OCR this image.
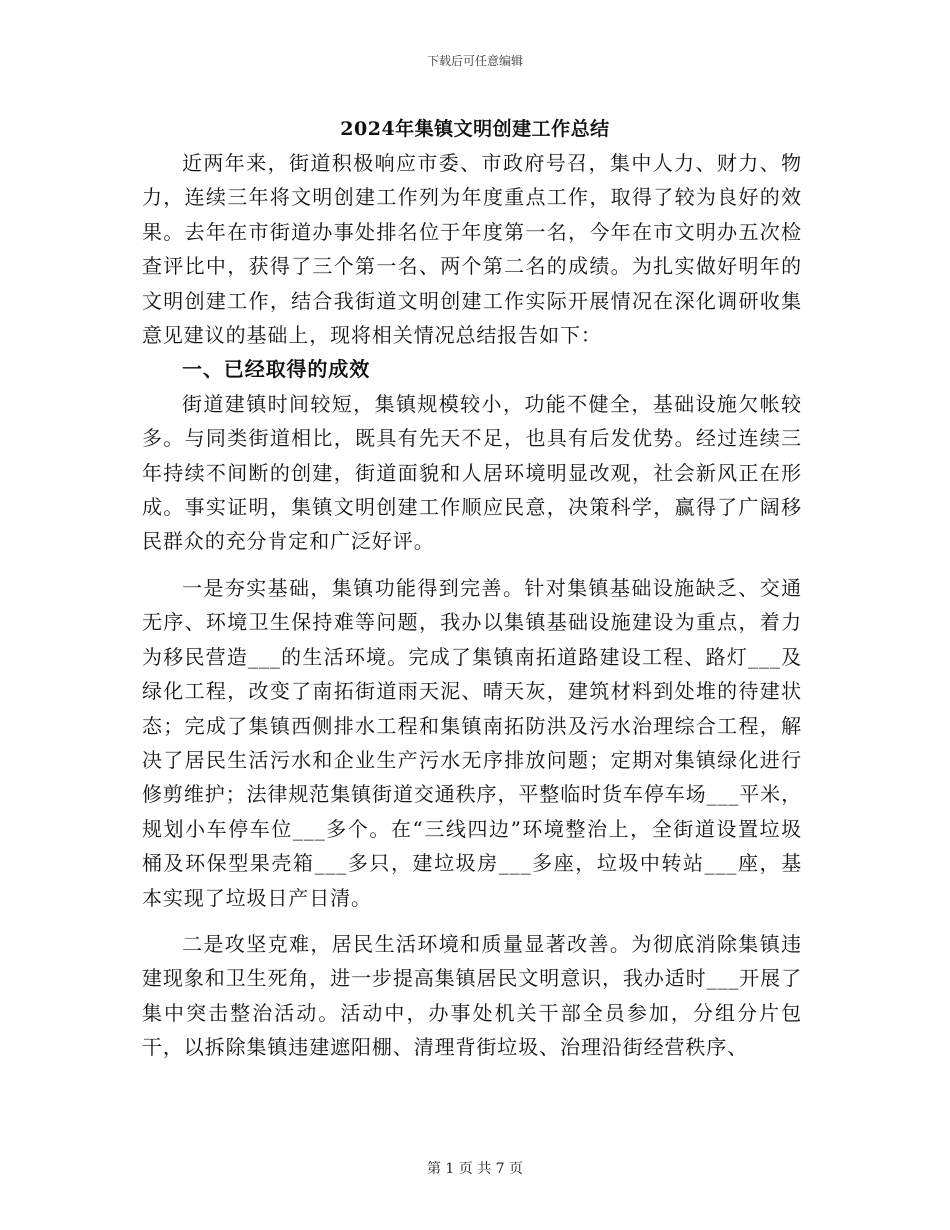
下载后可任意编辑
2024年集镇文明创建工作总结

近两年来，街道积极响应市委、市政府号召，集中人力、财力、物力，连续三年将文明创建工作列为年度重点工作，取得了较为良好的效果。去年在市街道办事处排名位于年度第一名，今年在市文明办五次检查评比中，获得了三个第一名、两个第二名的成绩。为扎实做好明年的文明创建工作，结合我街道文明创建工作实际开展情况在深化调研收集意见建议的基础上，现将相关情况总结报告如下：

一、已经取得的成效

街道建镇时间较短，集镇规模较小，功能不健全，基础设施欠帐较多。与同类街道相比，既具有先天不足，也具有后发优势。经过连续三年持续不间断的创建，街道面貌和人居环境明显改观，社会新风正在形成。事实证明，集镇文明创建工作顺应民意，决策科学，赢得了广阔移民群众的充分肯定和广泛好评。

一是夯实基础，集镇功能得到完善。针对集镇基础设施缺乏、交通无序、环境卫生保持难等问题，我办以集镇基础设施建设为重点，着力为移民营造___的生活环境。完成了集镇南拓道路建设工程、路灯___及绿化工程，改变了南拓街道雨天泥、晴天灰，建筑材料到处堆的待建状态；完成了集镇西侧排水工程和集镇南拓防洪及污水治理综合工程，解决了居民生活污水和企业生产污水无序排放问题；定期对集镇绿化进行修剪维护；法律规范集镇街道交通秩序，平整临时货车停车场___平米，规划小车停车位___多个。在“三线四边”环境整治上，全街道设置垃圾桶及环保型果壳箱___多只，建垃圾房___多座，垃圾中转站___座，基本实现了垃圾日产日清。

二是攻坚克难，居民生活环境和质量显著改善。为彻底消除集镇违建现象和卫生死角，进一步提高集镇居民文明意识，我办适时___开展了集中突击整治活动。活动中，办事处机关干部全员参加，分组分片包干，以拆除集镇违建遮阳棚、清理背街垃圾、治理沿街经营秩序、

第 1 页 共 7 页
